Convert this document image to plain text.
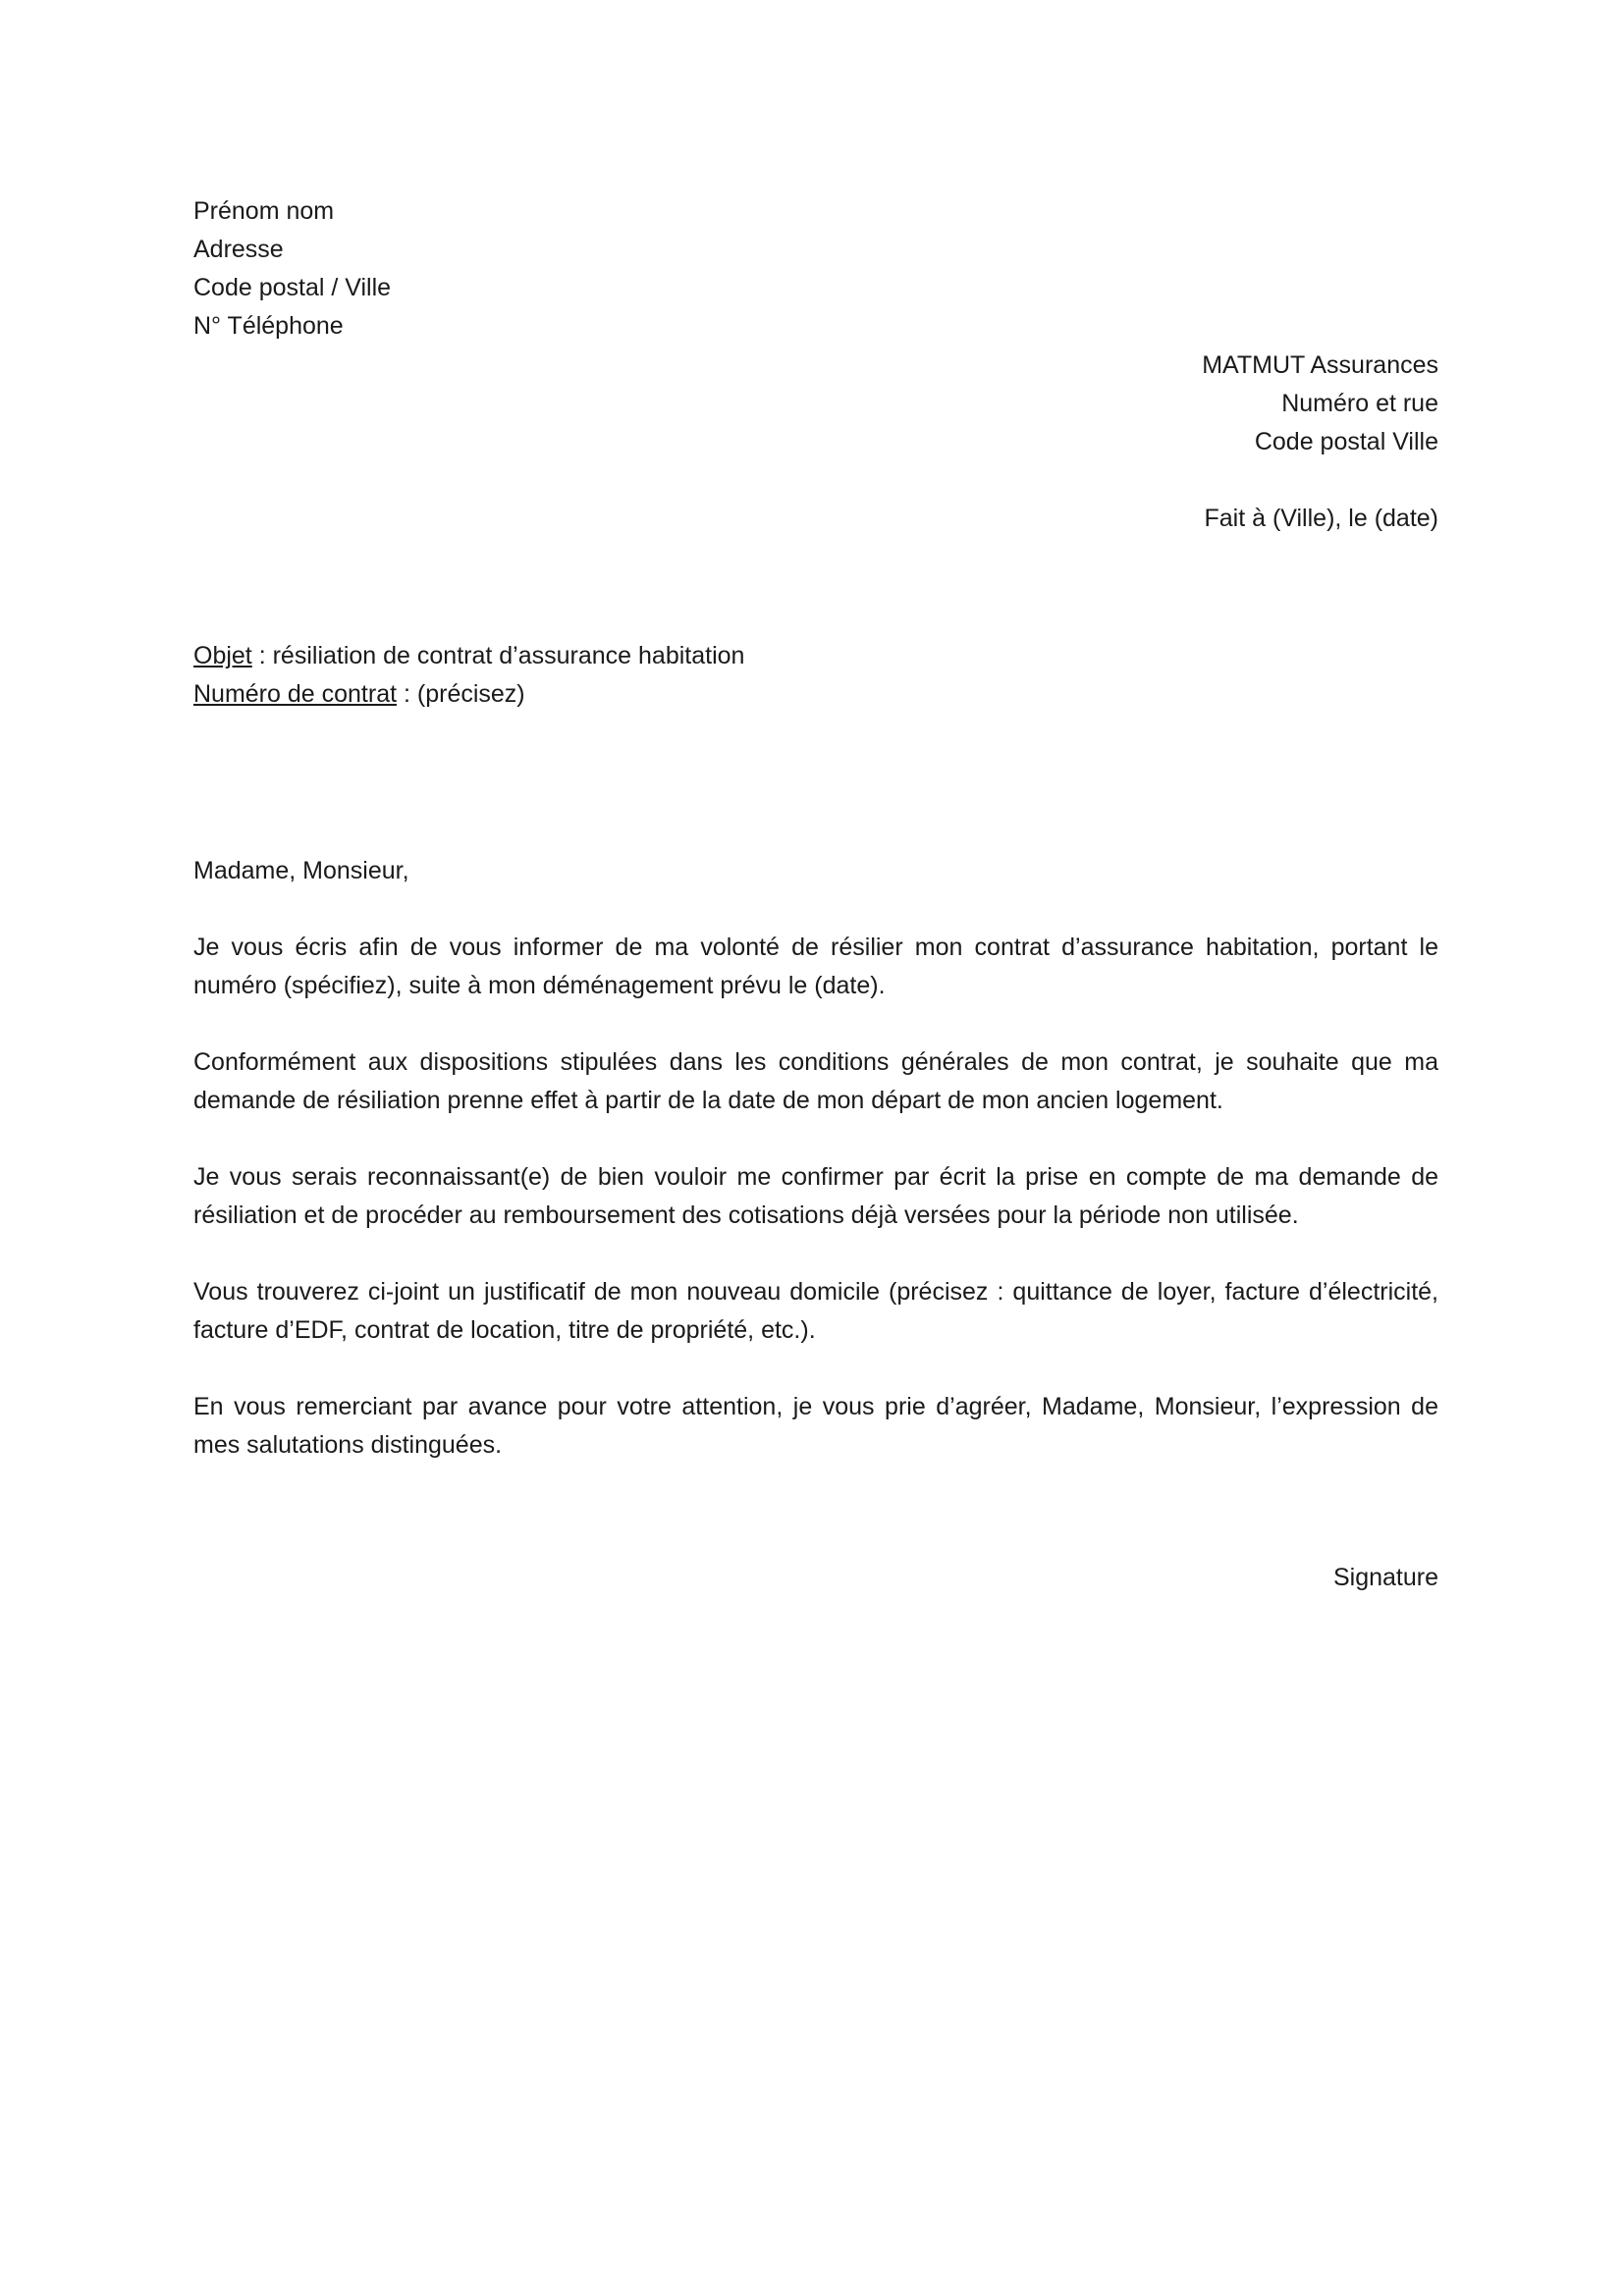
Prénom nom
Adresse
Code postal / Ville
N° Téléphone
MATMUT Assurances
Numéro et rue
Code postal Ville
Fait à (Ville), le (date)
Objet : résiliation de contrat d’assurance habitation
Numéro de contrat : (précisez)

Madame, Monsieur,

Je vous écris afin de vous informer de ma volonté de résilier mon contrat d’assurance habitation, portant le numéro (spécifiez), suite à mon déménagement prévu le (date).

Conformément aux dispositions stipulées dans les conditions générales de mon contrat, je souhaite que ma demande de résiliation prenne effet à partir de la date de mon départ de mon ancien logement.

Je vous serais reconnaissant(e) de bien vouloir me confirmer par écrit la prise en compte de ma demande de résiliation et de procéder au remboursement des cotisations déjà versées pour la période non utilisée.

Vous trouverez ci-joint un justificatif de mon nouveau domicile (précisez : quittance de loyer, facture d’électricité, facture d’EDF, contrat de location, titre de propriété, etc.).

En vous remerciant par avance pour votre attention, je vous prie d’agréer, Madame, Monsieur, l’expression de mes salutations distinguées.

Signature
